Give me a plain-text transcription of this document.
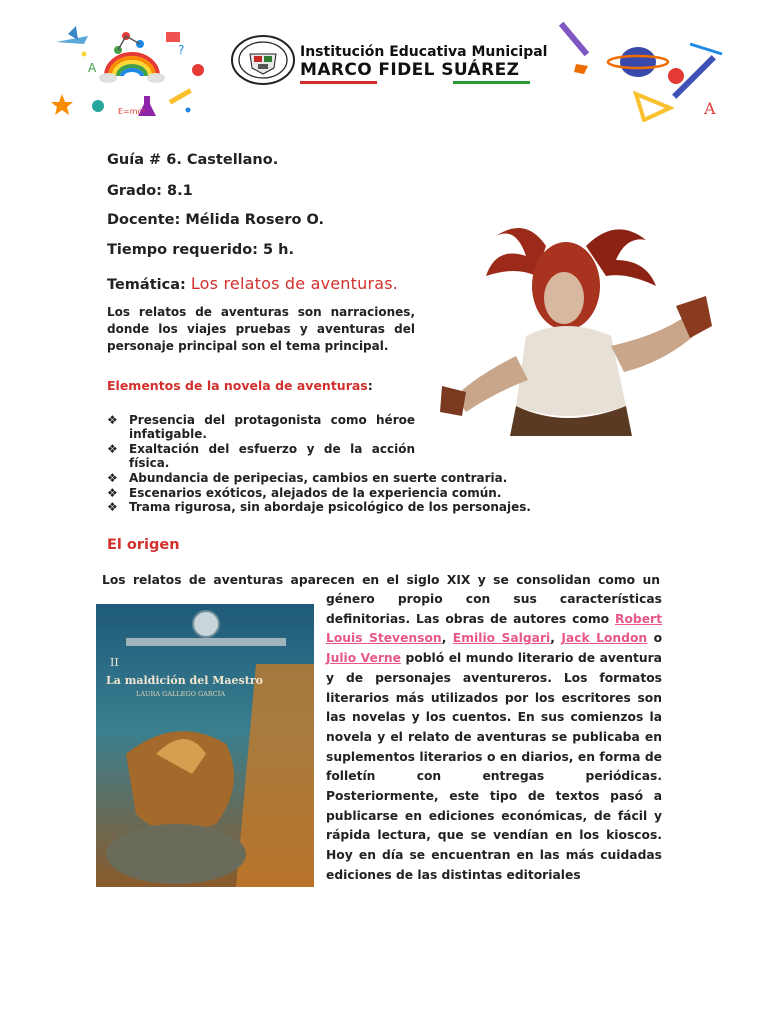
A
?
E=mc²
Institución Educativa Municipal
MARCO FIDEL SUÁREZ
A
Guía # 6. Castellano.
Grado: 8.1
Docente: Mélida Rosero O.
Tiempo requerido: 5 h.
Temática: Los relatos de aventuras.
Los relatos de aventuras son narraciones, donde los viajes pruebas y aventuras del personaje principal son el tema principal.
Elementos de la novela de aventuras:
❖ Presencia del protagonista como héroe infatigable.
❖ Exaltación del esfuerzo y de la acción física.
❖ Abundancia de peripecias, cambios en suerte contraria.
❖ Escenarios exóticos, alejados de la experiencia común.
❖ Trama rigurosa, sin abordaje psicológico de los personajes.
El origen
Los relatos de aventuras aparecen en el siglo XIX y se consolidan como un
II
La maldición del Maestro
LAURA GALLEGO GARCÍA
género propio con sus características definitorias. Las obras de autores como Robert Louis Stevenson, Emilio Salgari, Jack London o Julio Verne pobló el mundo literario de aventura y de personajes aventureros. Los formatos literarios más utilizados por los escritores son las novelas y los cuentos. En sus comienzos la novela y el relato de aventuras se publicaba en suplementos literarios o en diarios, en forma de folletín con entregas periódicas. Posteriormente, este tipo de textos pasó a publicarse en ediciones económicas, de fácil y rápida lectura, que se vendían en los kioscos. Hoy en día se encuentran en las más cuidadas ediciones de las distintas editoriales
